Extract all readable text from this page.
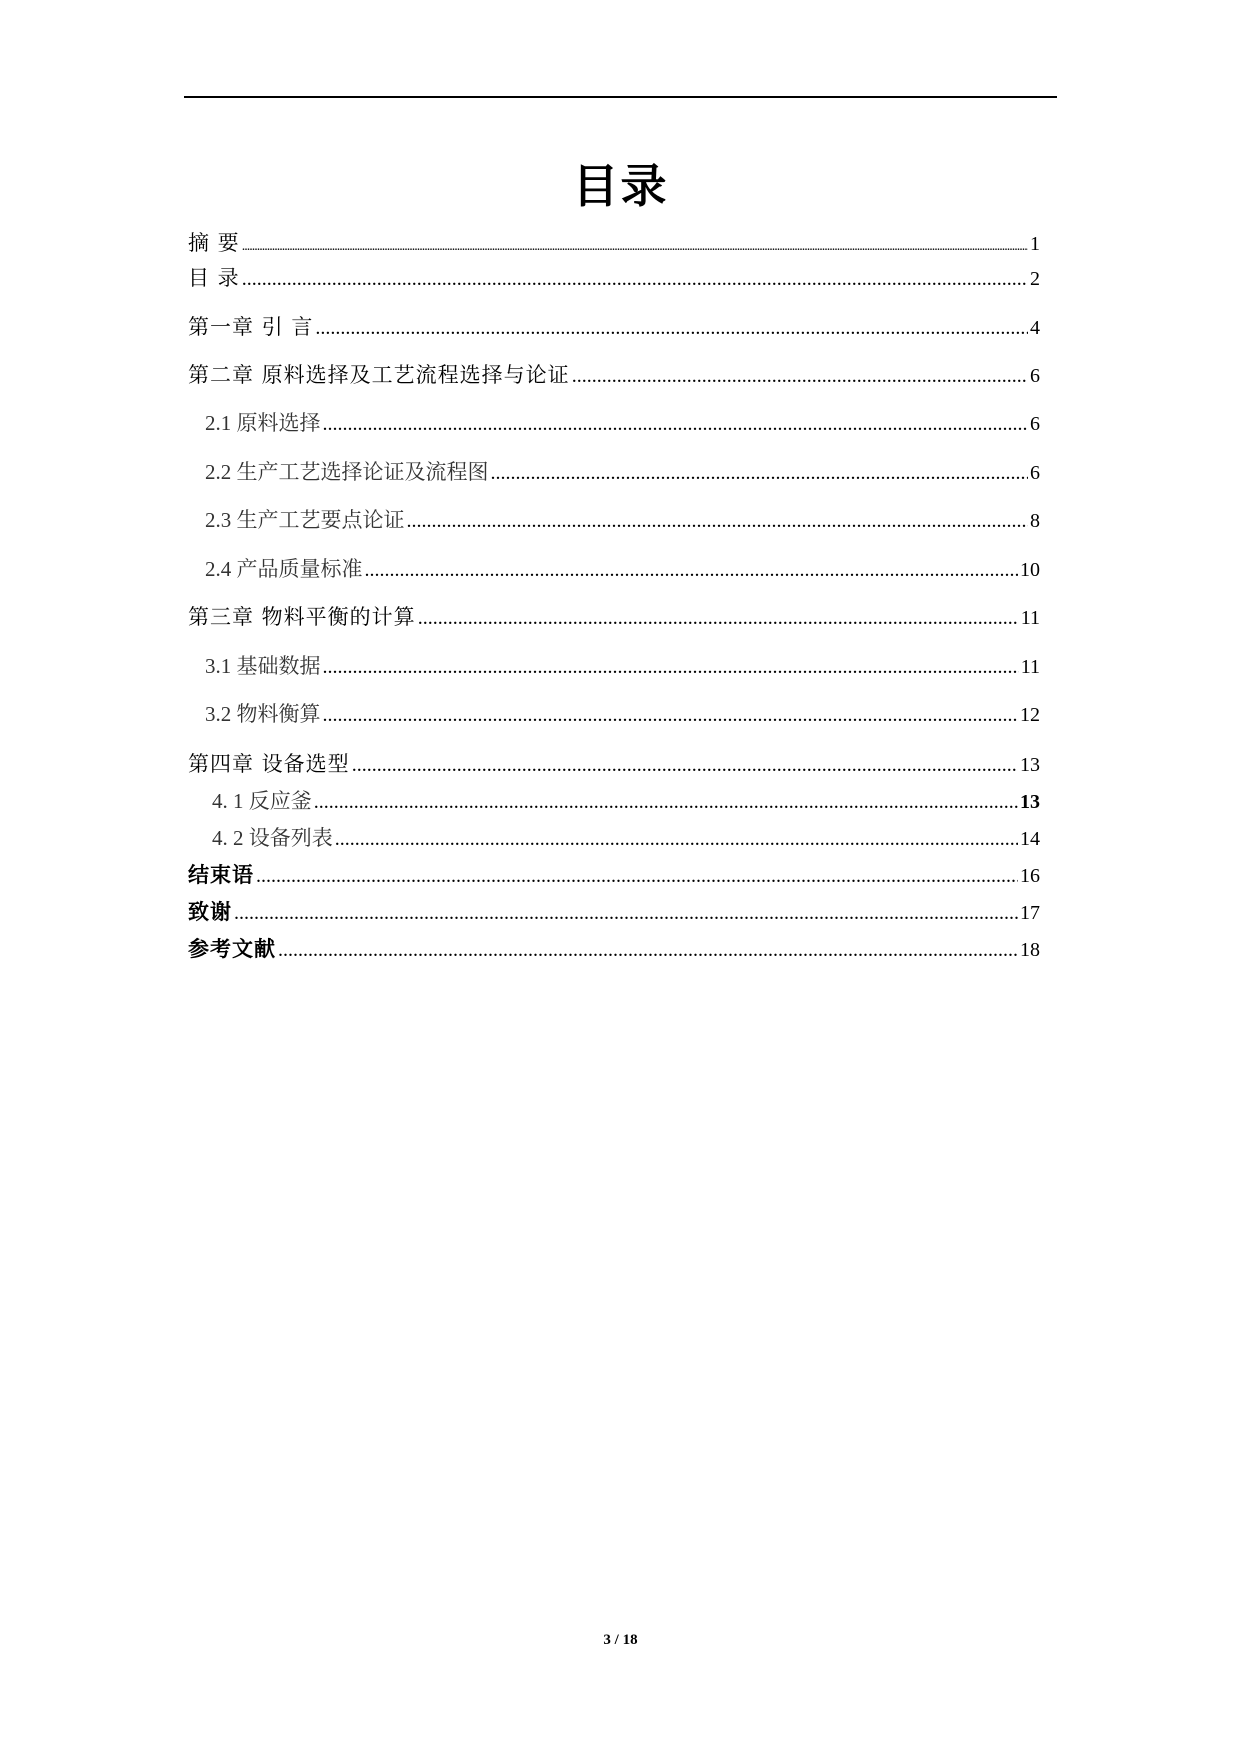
目录
摘 要 .....	1
目 录 .....	2
第一章 引 言 .....	4
第二章 原料选择及工艺流程选择与论证 .....	6
2.1 原料选择 .....	6
2.2 生产工艺选择论证及流程图 .....	6
2.3 生产工艺要点论证 .....	8
2.4 产品质量标准 .....	10
第三章 物料平衡的计算 .....	11
3.1 基础数据 .....	11
3.2 物料衡算 .....	12
第四章 设备选型 .....	13
4. 1 反应釜 .....	13
4. 2 设备列表 .....	14
结束语 .....	16
致谢 .....	17
参考文献 .....	18
3 / 18
